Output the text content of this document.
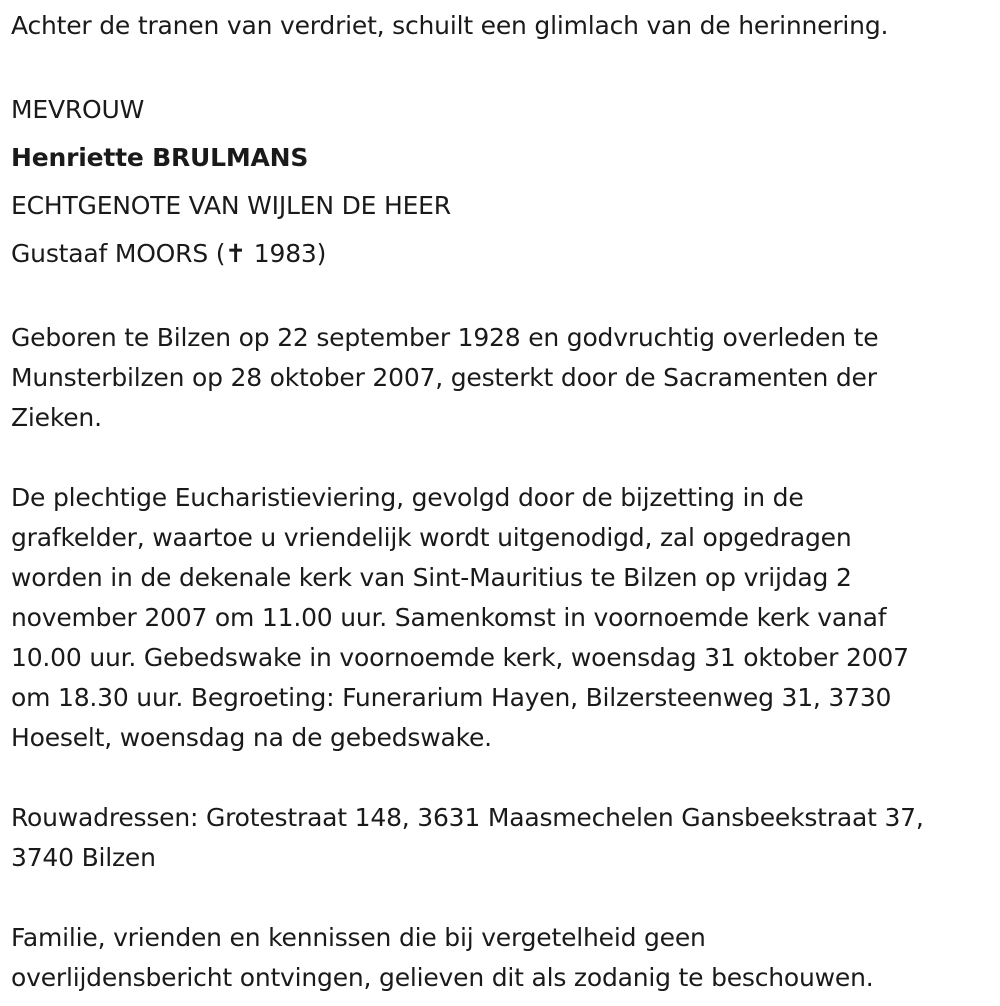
Achter de tranen van verdriet, schuilt een glimlach van de herinnering.
MEVROUW
Henriette BRULMANS
ECHTGENOTE VAN WIJLEN DE HEER
Gustaaf MOORS (✝ 1983)
Geboren te Bilzen op 22 september 1928 en godvruchtig overleden te
Munsterbilzen op 28 oktober 2007, gesterkt door de Sacramenten der
Zieken.
De plechtige Eucharistieviering, gevolgd door de bijzetting in de
grafkelder, waartoe u vriendelijk wordt uitgenodigd, zal opgedragen
worden in de dekenale kerk van Sint-Mauritius te Bilzen op vrijdag 2
november 2007 om 11.00 uur. Samenkomst in voornoemde kerk vanaf
10.00 uur. Gebedswake in voornoemde kerk, woensdag 31 oktober 2007
om 18.30 uur. Begroeting: Funerarium Hayen, Bilzersteenweg 31, 3730
Hoeselt, woensdag na de gebedswake.
Rouwadressen: Grotestraat 148, 3631 Maasmechelen Gansbeekstraat 37,
3740 Bilzen
Familie, vrienden en kennissen die bij vergetelheid geen
overlijdensbericht ontvingen, gelieven dit als zodanig te beschouwen.
